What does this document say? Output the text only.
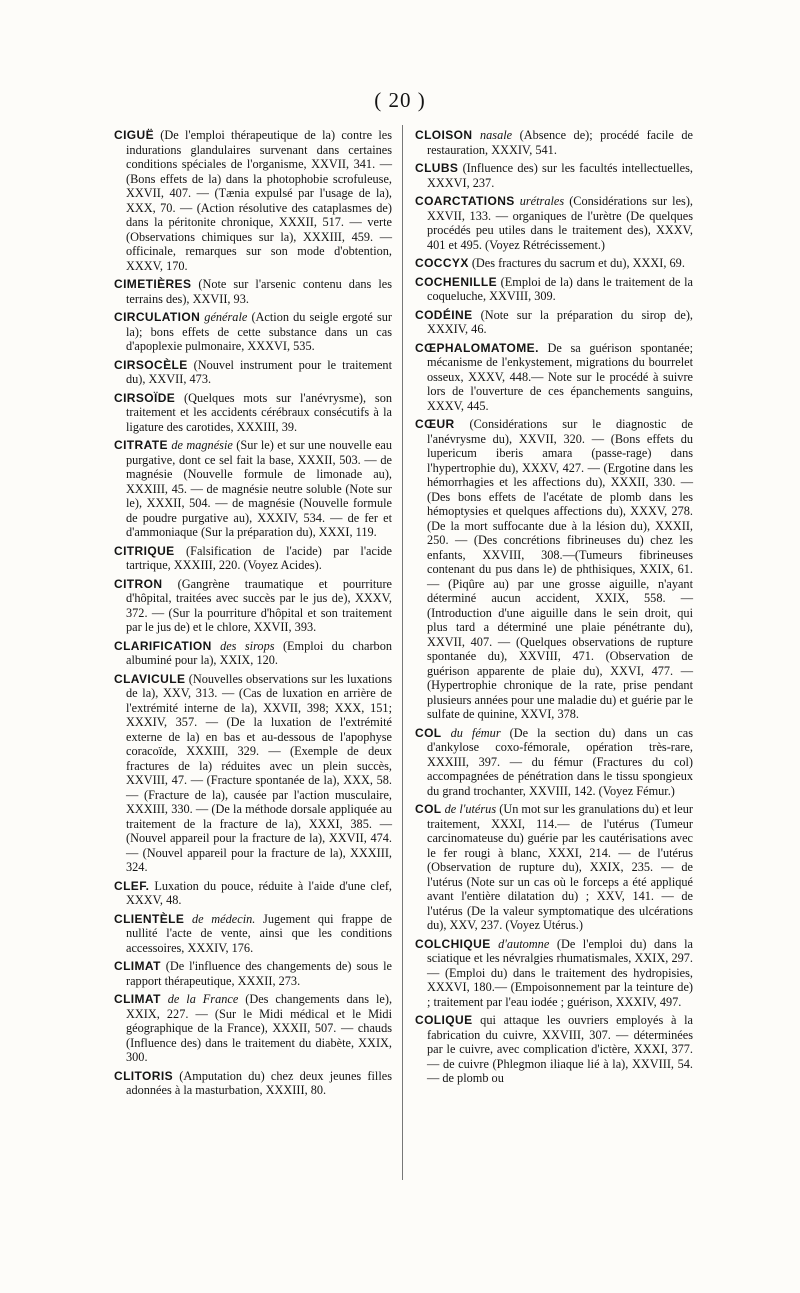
( 20 )

CIGUË (De l'emploi thérapeutique de la) contre les indurations glandulaires survenant dans certaines conditions spéciales de l'organisme, XXVII, 341. — (Bons effets de la) dans la photophobie scrofuleuse, XXVII, 407. — (Tænia expulsé par l'usage de la), XXX, 70. — (Action résolutive des cataplasmes de) dans la péritonite chronique, XXXII, 517. — verte (Observations chimiques sur la), XXXIII, 459. — officinale, remarques sur son mode d'obtention, XXXV, 170.

CIMETIÈRES (Note sur l'arsenic contenu dans les terrains des), XXVII, 93.

CIRCULATION générale (Action du seigle ergoté sur la); bons effets de cette substance dans un cas d'apoplexie pulmonaire, XXXVI, 535.

CIRSOCÈLE (Nouvel instrument pour le traitement du), XXVII, 473.

CIRSOÏDE (Quelques mots sur l'anévrysme), son traitement et les accidents cérébraux consécutifs à la ligature des carotides, XXXIII, 39.

CITRATE de magnésie (Sur le) et sur une nouvelle eau purgative, dont ce sel fait la base, XXXII, 503. — de magnésie (Nouvelle formule de limonade au), XXXIII, 45. — de magnésie neutre soluble (Note sur le), XXXII, 504. — de magnésie (Nouvelle formule de poudre purgative au), XXXIV, 534. — de fer et d'ammoniaque (Sur la préparation du), XXXI, 119.

CITRIQUE (Falsification de l'acide) par l'acide tartrique, XXXIII, 220. (Voyez Acides).

CITRON (Gangrène traumatique et pourriture d'hôpital, traitées avec succès par le jus de), XXXV, 372. — (Sur la pourriture d'hôpital et son traitement par le jus de) et le chlore, XXVII, 393.

CLARIFICATION des sirops (Emploi du charbon albuminé pour la), XXIX, 120.

CLAVICULE (Nouvelles observations sur les luxations de la), XXV, 313. — (Cas de luxation en arrière de l'extrémité interne de la), XXVII, 398; XXX, 151; XXXIV, 357. — (De la luxation de l'extrémité externe de la) en bas et au-dessous de l'apophyse coracoïde, XXXIII, 329. — (Exemple de deux fractures de la) réduites avec un plein succès, XXVIII, 47. — (Fracture spontanée de la), XXX, 58. — (Fracture de la), causée par l'action musculaire, XXXIII, 330. — (De la méthode dorsale appliquée au traitement de la fracture de la), XXXI, 385. — (Nouvel appareil pour la fracture de la), XXVII, 474. — (Nouvel appareil pour la fracture de la), XXXIII, 324.

CLEF. Luxation du pouce, réduite à l'aide d'une clef, XXXV, 48.

CLIENTÈLE de médecin. Jugement qui frappe de nullité l'acte de vente, ainsi que les conditions accessoires, XXXIV, 176.

CLIMAT (De l'influence des changements de) sous le rapport thérapeutique, XXXII, 273.

CLIMAT de la France (Des changements dans le), XXIX, 227. — (Sur le Midi médical et le Midi géographique de la France), XXXII, 507. — chauds (Influence des) dans le traitement du diabète, XXIX, 300.

CLITORIS (Amputation du) chez deux jeunes filles adonnées à la masturbation, XXXIII, 80.

CLOISON nasale (Absence de); procédé facile de restauration, XXXIV, 541.

CLUBS (Influence des) sur les facultés intellectuelles, XXXVI, 237.

COARCTATIONS urétrales (Considérations sur les), XXVII, 133. — organiques de l'urètre (De quelques procédés peu utiles dans le traitement des), XXXV, 401 et 495. (Voyez Rétrécissement.)

COCCYX (Des fractures du sacrum et du), XXXI, 69.

COCHENILLE (Emploi de la) dans le traitement de la coqueluche, XXVIII, 309.

CODÉINE (Note sur la préparation du sirop de), XXXIV, 46.

CŒPHALOMATOME. De sa guérison spontanée; mécanisme de l'enkystement, migrations du bourrelet osseux, XXXV, 448.— Note sur le procédé à suivre lors de l'ouverture de ces épanchements sanguins, XXXV, 445.

CŒUR (Considérations sur le diagnostic de l'anévrysme du), XXVII, 320. — (Bons effets du lupericum iberis amara (passe-rage) dans l'hypertrophie du), XXXV, 427. — (Ergotine dans les hémorrhagies et les affections du), XXXII, 330. — (Des bons effets de l'acétate de plomb dans les hémoptysies et quelques affections du), XXXV, 278. (De la mort suffocante due à la lésion du), XXXII, 250. — (Des concrétions fibrineuses du) chez les enfants, XXVIII, 308.—(Tumeurs fibrineuses contenant du pus dans le) de phthisiques, XXIX, 61. — (Piqûre au) par une grosse aiguille, n'ayant déterminé aucun accident, XXIX, 558. — (Introduction d'une aiguille dans le sein droit, qui plus tard a déterminé une plaie pénétrante du), XXVII, 407. — (Quelques observations de rupture spontanée du), XXVIII, 471. (Observation de guérison apparente de plaie du), XXVI, 477. — (Hypertrophie chronique de la rate, prise pendant plusieurs années pour une maladie du) et guérie par le sulfate de quinine, XXVI, 378.

COL du fémur (De la section du) dans un cas d'ankylose coxo-fémorale, opération très-rare, XXXIII, 397. — du fémur (Fractures du col) accompagnées de pénétration dans le tissu spongieux du grand trochanter, XXVIII, 142. (Voyez Fémur.)

COL de l'utérus (Un mot sur les granulations du) et leur traitement, XXXI, 114.— de l'utérus (Tumeur carcinomateuse du) guérie par les cautérisations avec le fer rougi à blanc, XXXI, 214. — de l'utérus (Observation de rupture du), XXIX, 235. — de l'utérus (Note sur un cas où le forceps a été appliqué avant l'entière dilatation du) ; XXV, 141. — de l'utérus (De la valeur symptomatique des ulcérations du), XXV, 237. (Voyez Utérus.)

COLCHIQUE d'automne (De l'emploi du) dans la sciatique et les névralgies rhumatismales, XXIX, 297.— (Emploi du) dans le traitement des hydropisies, XXXVI, 180.— (Empoisonnement par la teinture de) ; traitement par l'eau iodée ; guérison, XXXIV, 497.

COLIQUE qui attaque les ouvriers employés à la fabrication du cuivre, XXVIII, 307. — déterminées par le cuivre, avec complication d'ictère, XXXI, 377. — de cuivre (Phlegmon iliaque lié à la), XXVIII, 54. — de plomb ou
